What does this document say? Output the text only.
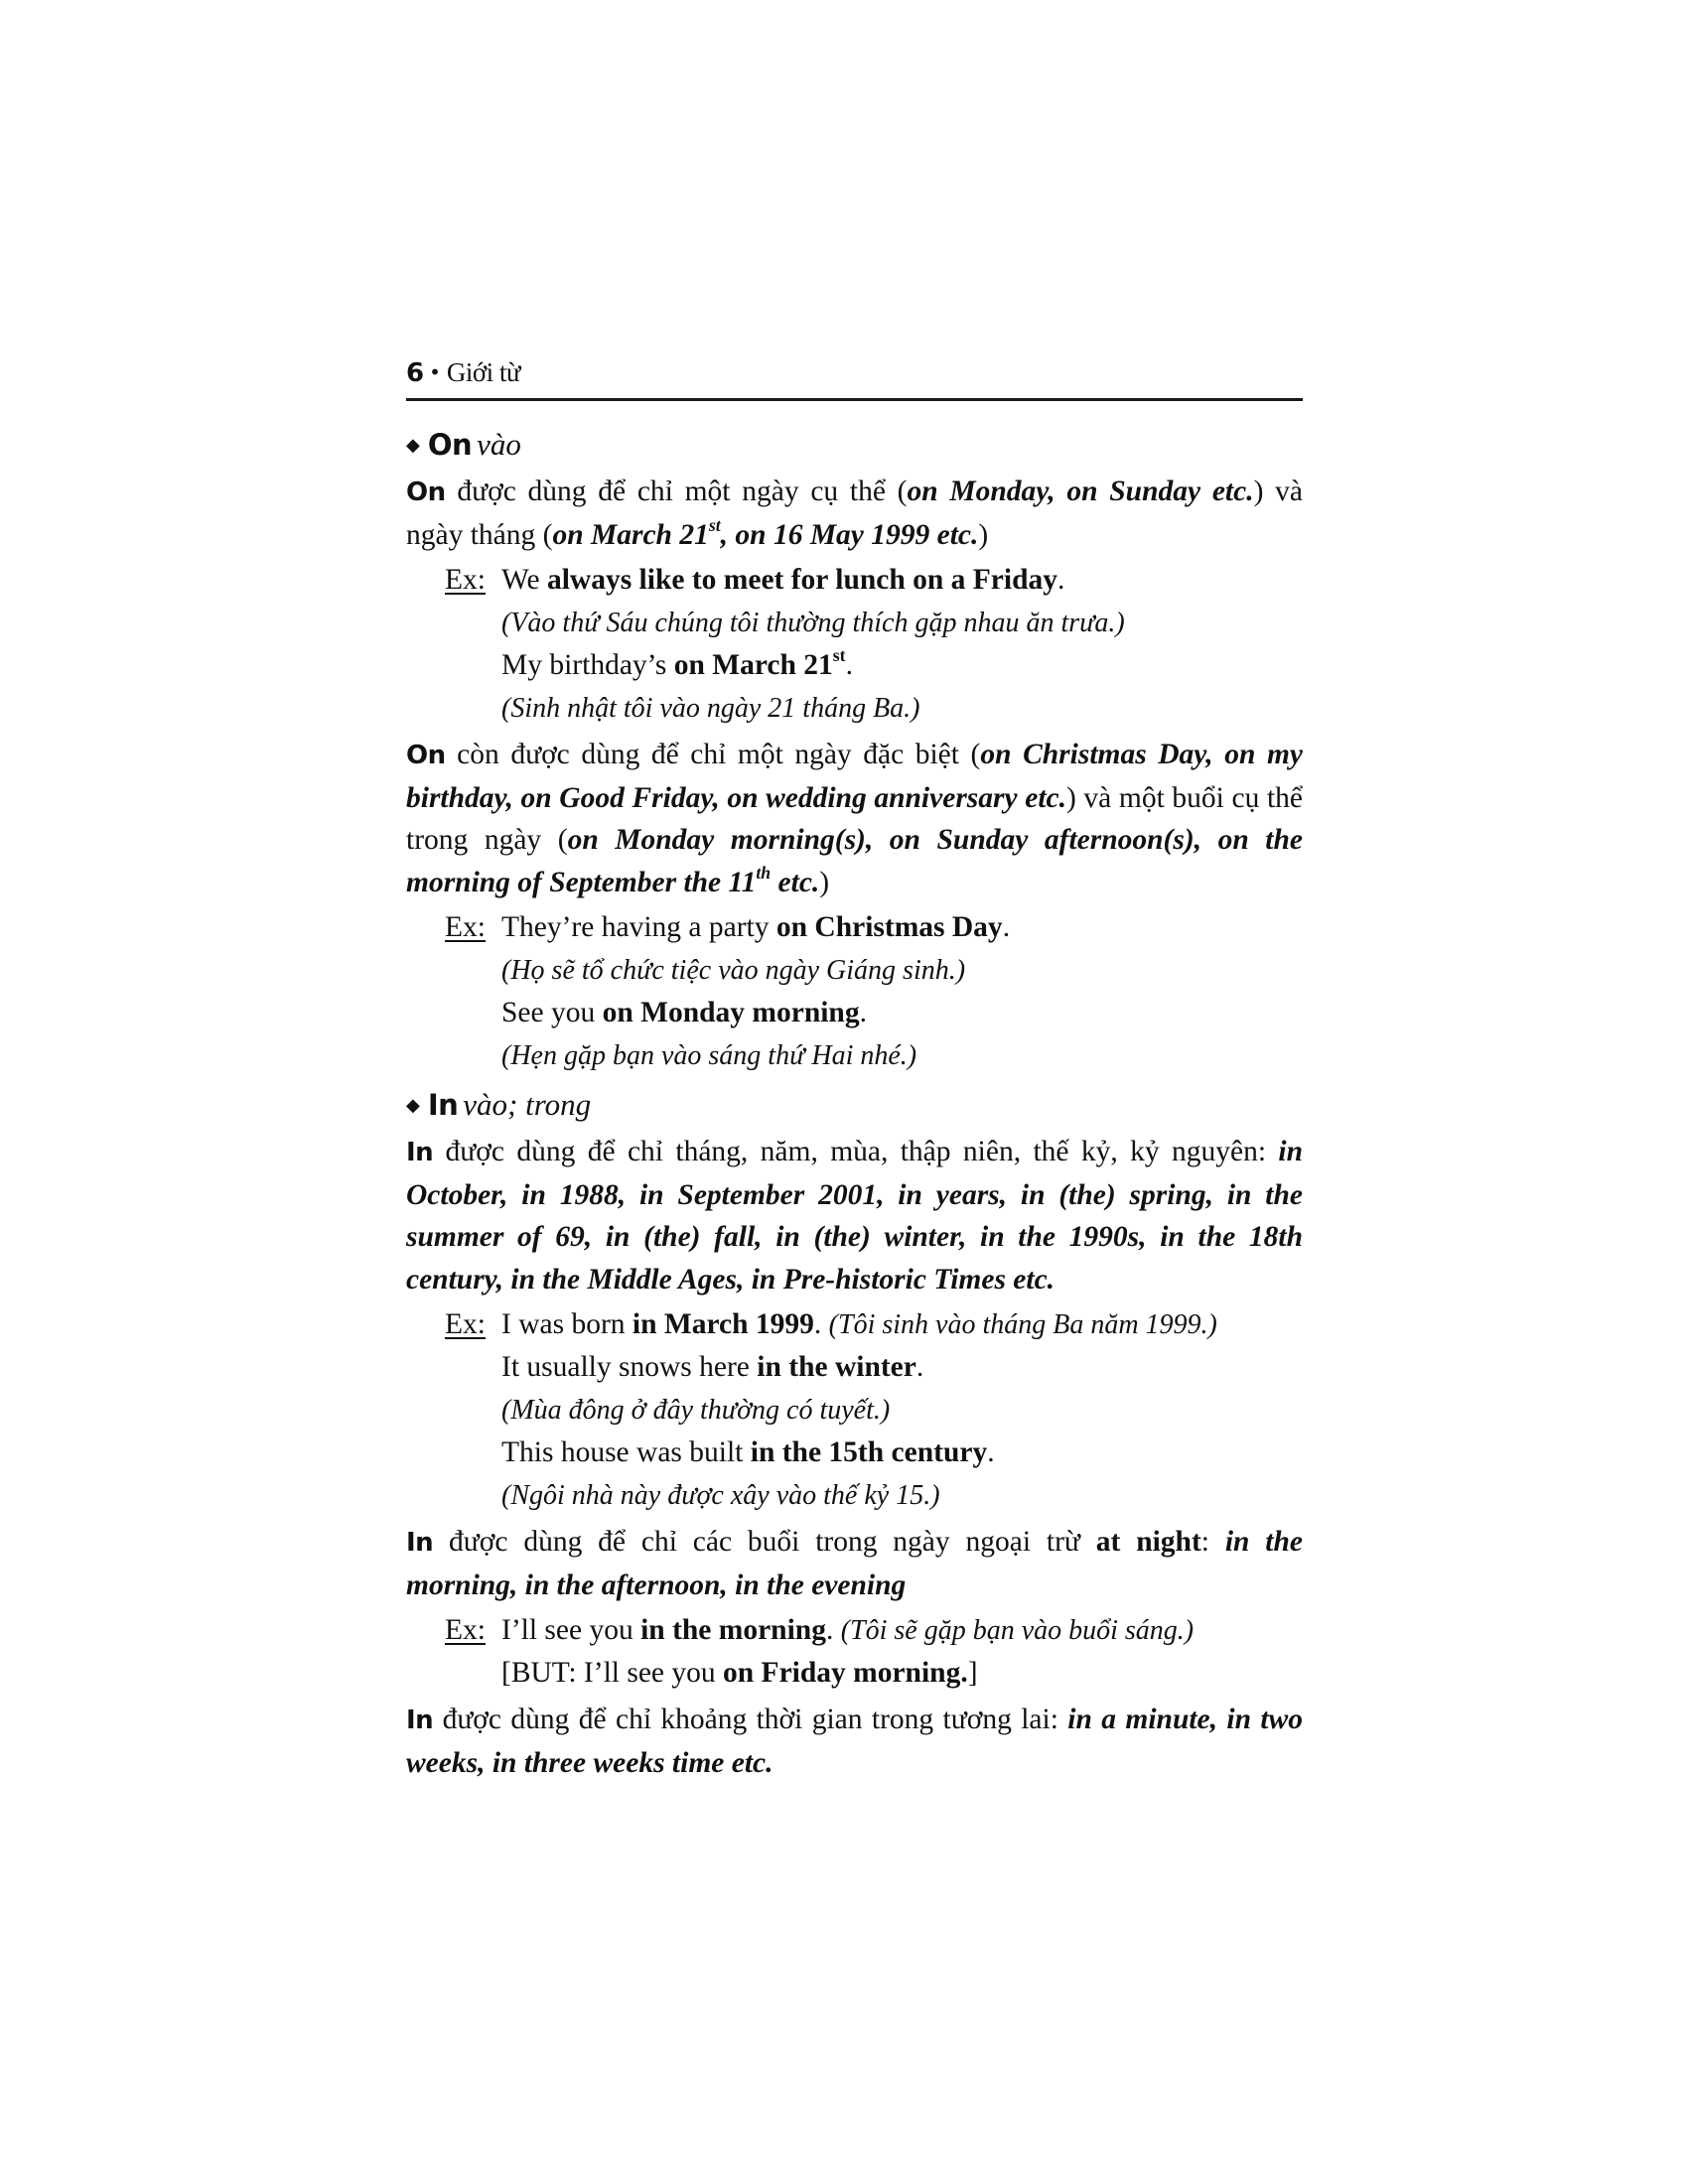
6 • Giới từ
◆ On vào
On được dùng để chỉ một ngày cụ thể (on Monday, on Sunday etc.) và ngày tháng (on March 21st, on 16 May 1999 etc.)
Ex: We always like to meet for lunch on a Friday.
(Vào thứ Sáu chúng tôi thường thích gặp nhau ăn trưa.)
My birthday’s on March 21st.
(Sinh nhật tôi vào ngày 21 tháng Ba.)
On còn được dùng để chỉ một ngày đặc biệt (on Christmas Day, on my birthday, on Good Friday, on wedding anniversary etc.) và một buổi cụ thể trong ngày (on Monday morning(s), on Sunday afternoon(s), on the morning of September the 11th etc.)
Ex: They’re having a party on Christmas Day.
(Họ sẽ tổ chức tiệc vào ngày Giáng sinh.)
See you on Monday morning.
(Hẹn gặp bạn vào sáng thứ Hai nhé.)
◆ In vào; trong
In được dùng để chỉ tháng, năm, mùa, thập niên, thế kỷ, kỷ nguyên: in October, in 1988, in September 2001, in years, in (the) spring, in the summer of 69, in (the) fall, in (the) winter, in the 1990s, in the 18th century, in the Middle Ages, in Pre-historic Times etc.
Ex: I was born in March 1999. (Tôi sinh vào tháng Ba năm 1999.)
It usually snows here in the winter.
(Mùa đông ở đây thường có tuyết.)
This house was built in the 15th century.
(Ngôi nhà này được xây vào thế kỷ 15.)
In được dùng để chỉ các buổi trong ngày ngoại trừ at night: in the morning, in the afternoon, in the evening
Ex: I’ll see you in the morning. (Tôi sẽ gặp bạn vào buổi sáng.)
[BUT: I’ll see you on Friday morning.]
In được dùng để chỉ khoảng thời gian trong tương lai: in a minute, in two weeks, in three weeks time etc.
